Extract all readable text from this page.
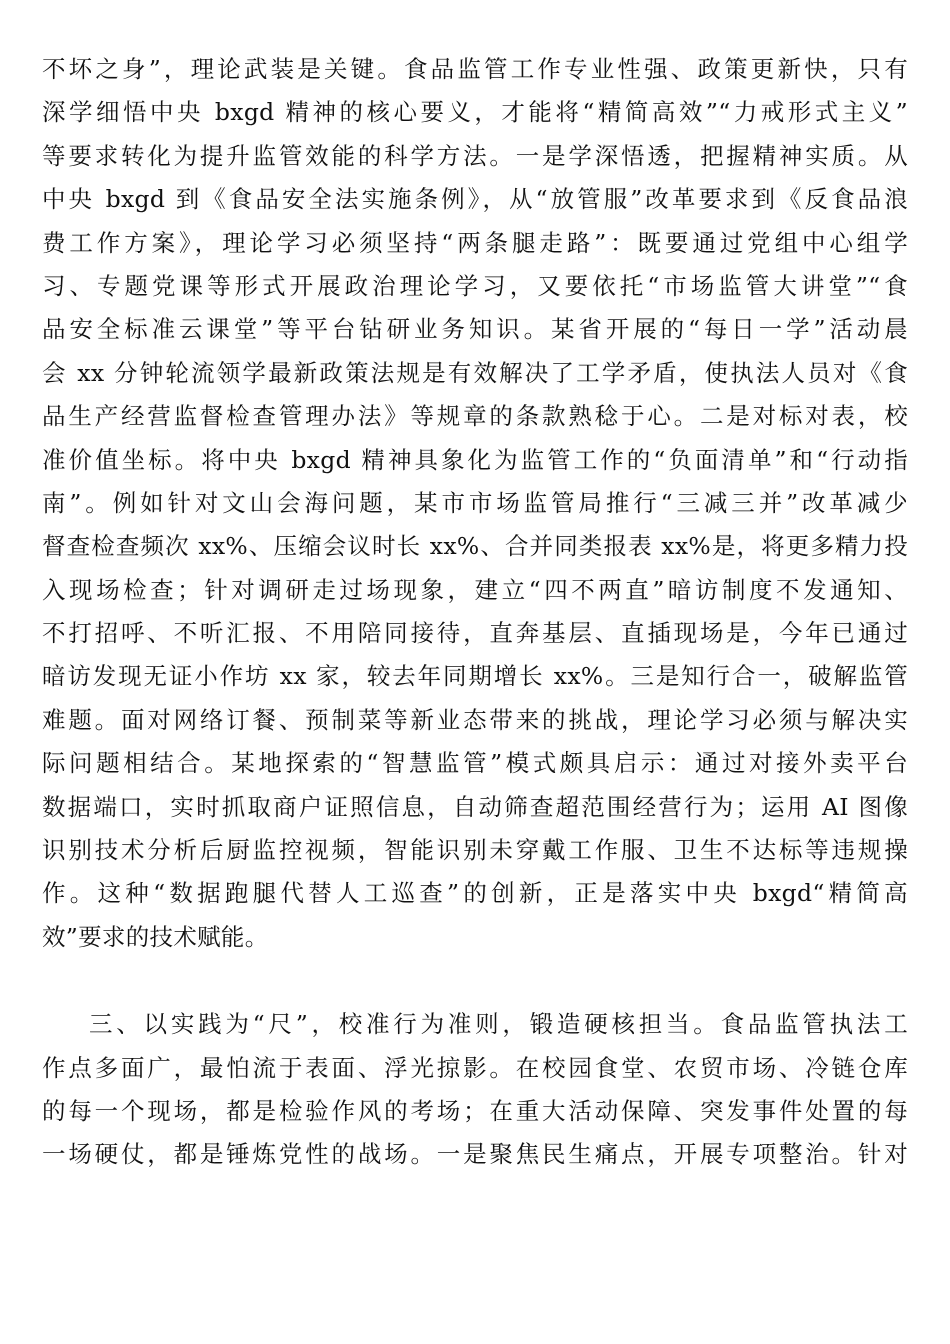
不坏之身”，理论武装是关键。食品监管工作专业性强、政策更新快，只有
深学细悟中央 bxgd 精神的核心要义，才能将“精简高效”“力戒形式主义”
等要求转化为提升监管效能的科学方法。一是学深悟透，把握精神实质。从
中央 bxgd 到《食品安全法实施条例》，从“放管服”改革要求到《反食品浪
费工作方案》，理论学习必须坚持“两条腿走路”：既要通过党组中心组学
习、专题党课等形式开展政治理论学习，又要依托“市场监管大讲堂”“食
品安全标准云课堂”等平台钻研业务知识。某省开展的“每日一学”活动晨
会 xx 分钟轮流领学最新政策法规是有效解决了工学矛盾，使执法人员对《食
品生产经营监督检查管理办法》等规章的条款熟稔于心。二是对标对表，校
准价值坐标。将中央 bxgd 精神具象化为监管工作的“负面清单”和“行动指
南”。例如针对文山会海问题，某市市场监管局推行“三减三并”改革减少
督查检查频次 xx%、压缩会议时长 xx%、合并同类报表 xx%是，将更多精力投
入现场检查；针对调研走过场现象，建立“四不两直”暗访制度不发通知、
不打招呼、不听汇报、不用陪同接待，直奔基层、直插现场是，今年已通过
暗访发现无证小作坊 xx 家，较去年同期增长 xx%。三是知行合一，破解监管
难题。面对网络订餐、预制菜等新业态带来的挑战，理论学习必须与解决实
际问题相结合。某地探索的“智慧监管”模式颇具启示：通过对接外卖平台
数据端口，实时抓取商户证照信息，自动筛查超范围经营行为；运用 AI 图像
识别技术分析后厨监控视频，智能识别未穿戴工作服、卫生不达标等违规操
作。这种“数据跑腿代替人工巡查”的创新，正是落实中央 bxgd“精简高
效”要求的技术赋能。
三、以实践为“尺”，校准行为准则，锻造硬核担当。食品监管执法工
作点多面广，最怕流于表面、浮光掠影。在校园食堂、农贸市场、冷链仓库
的每一个现场，都是检验作风的考场；在重大活动保障、突发事件处置的每
一场硬仗，都是锤炼党性的战场。一是聚焦民生痛点，开展专项整治。针对
